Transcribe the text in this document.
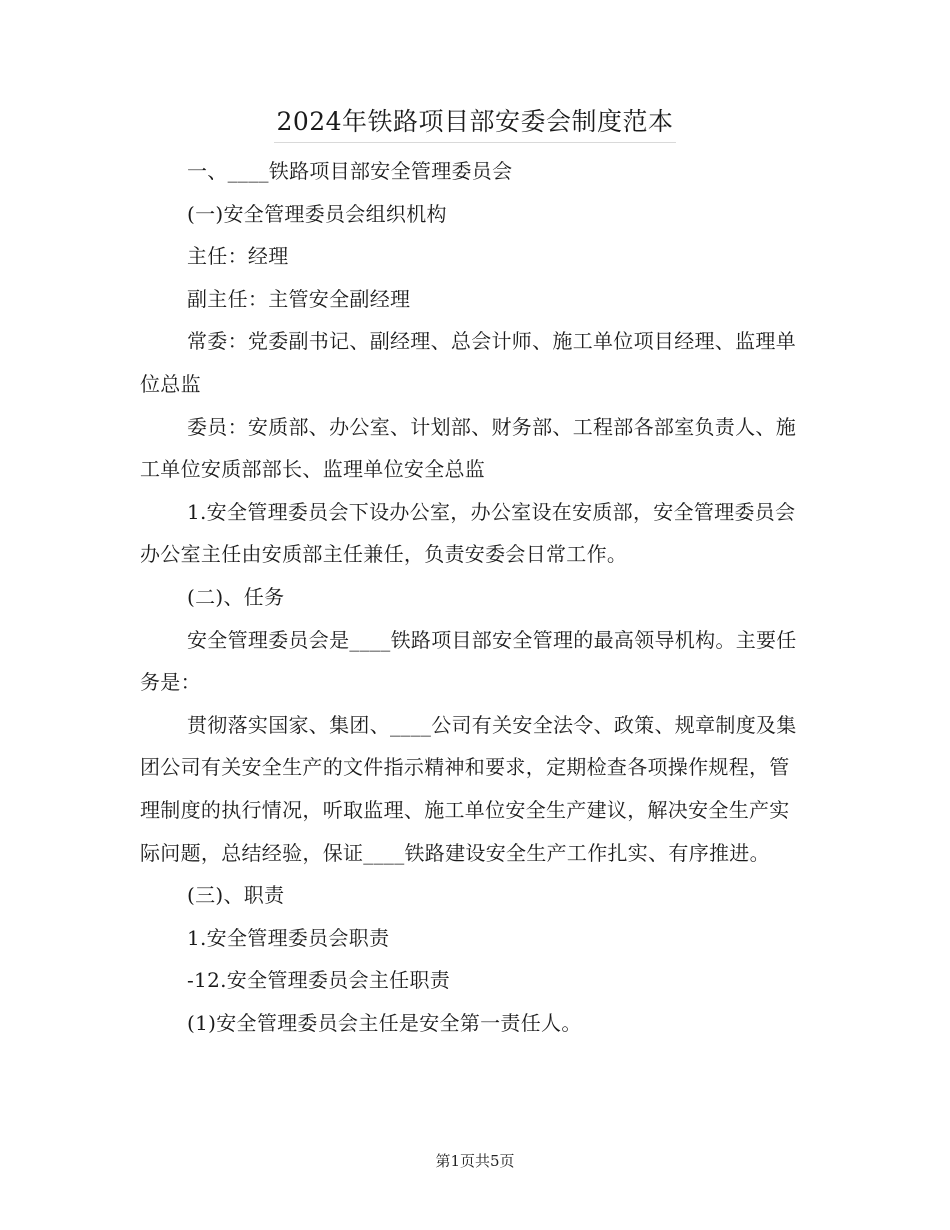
2024年铁路项目部安委会制度范本

一、____铁路项目部安全管理委员会

(一)安全管理委员会组织机构

主任：经理

副主任：主管安全副经理

常委：党委副书记、副经理、总会计师、施工单位项目经理、监理单位总监

委员：安质部、办公室、计划部、财务部、工程部各部室负责人、施工单位安质部部长、监理单位安全总监

1.安全管理委员会下设办公室，办公室设在安质部，安全管理委员会办公室主任由安质部主任兼任，负责安委会日常工作。

(二)、任务

安全管理委员会是____铁路项目部安全管理的最高领导机构。主要任务是：

贯彻落实国家、集团、____公司有关安全法令、政策、规章制度及集团公司有关安全生产的文件指示精神和要求，定期检查各项操作规程，管理制度的执行情况，听取监理、施工单位安全生产建议，解决安全生产实际问题，总结经验，保证____铁路建设安全生产工作扎实、有序推进。

(三)、职责

1.安全管理委员会职责

-12.安全管理委员会主任职责

(1)安全管理委员会主任是安全第一责任人。

第1页共5页
